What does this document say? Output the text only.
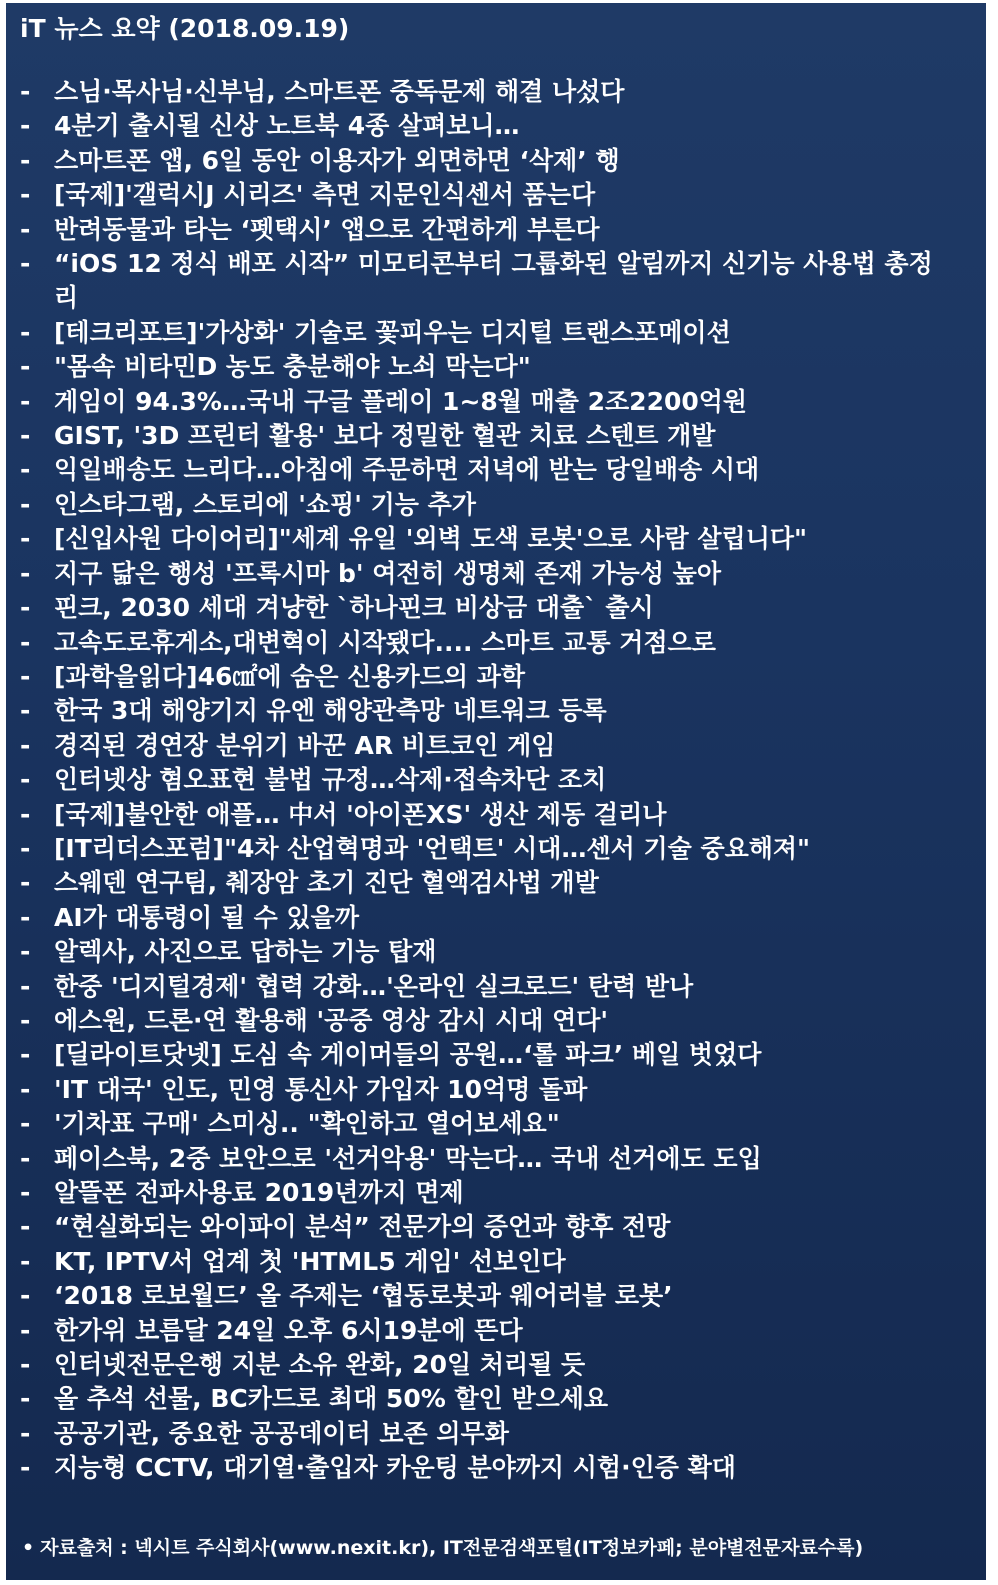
iT 뉴스 요약 (2018.09.19)
- 스님·목사님·신부님, 스마트폰 중독문제 해결 나섰다
- 4분기 출시될 신상 노트북 4종 살펴보니…
- 스마트폰 앱, 6일 동안 이용자가 외면하면 ‘삭제’ 행
- [국제]'갤럭시J 시리즈' 측면 지문인식센서 품는다
- 반려동물과 타는 ‘펫택시’ 앱으로 간편하게 부른다
- “iOS 12 정식 배포 시작” 미모티콘부터 그룹화된 알림까지 신기능 사용법 총정리
- [테크리포트]'가상화' 기술로 꽃피우는 디지털 트랜스포메이션
- "몸속 비타민D 농도 충분해야 노쇠 막는다"
- 게임이 94.3%…국내 구글 플레이 1~8월 매출 2조2200억원
- GIST, '3D 프린터 활용' 보다 정밀한 혈관 치료 스텐트 개발
- 익일배송도 느리다…아침에 주문하면 저녁에 받는 당일배송 시대
- 인스타그램, 스토리에 '쇼핑' 기능 추가
- [신입사원 다이어리]"세계 유일 '외벽 도색 로봇'으로 사람 살립니다"
- 지구 닮은 행성 '프록시마 b' 여전히 생명체 존재 가능성 높아
- 핀크, 2030 세대 겨냥한 `하나핀크 비상금 대출` 출시
- 고속도로휴게소,대변혁이 시작됐다.... 스마트 교통 거점으로
- [과학을읽다]46㎠에 숨은 신용카드의 과학
- 한국 3대 해양기지 유엔 해양관측망 네트워크 등록
- 경직된 경연장 분위기 바꾼 AR 비트코인 게임
- 인터넷상 혐오표현 불법 규정…삭제·접속차단 조치
- [국제]불안한 애플… 中서 '아이폰XS' 생산 제동 걸리나
- [IT리더스포럼]"4차 산업혁명과 '언택트' 시대…센서 기술 중요해져"
- 스웨덴 연구팀, 췌장암 초기 진단 혈액검사법 개발
- AI가 대통령이 될 수 있을까
- 알렉사, 사진으로 답하는 기능 탑재
- 한중 '디지털경제' 협력 강화…'온라인 실크로드' 탄력 받나
- 에스원, 드론·연 활용해 '공중 영상 감시 시대 연다'
- [딜라이트닷넷] 도심 속 게이머들의 공원…‘롤 파크’ 베일 벗었다
- 'IT 대국' 인도, 민영 통신사 가입자 10억명 돌파
- '기차표 구매' 스미싱.. "확인하고 열어보세요"
- 페이스북, 2중 보안으로 '선거악용' 막는다… 국내 선거에도 도입
- 알뜰폰 전파사용료 2019년까지 면제
- “현실화되는 와이파이 분석” 전문가의 증언과 향후 전망
- KT, IPTV서 업계 첫 'HTML5 게임' 선보인다
- ‘2018 로보월드’ 올 주제는 ‘협동로봇과 웨어러블 로봇’
- 한가위 보름달 24일 오후 6시19분에 뜬다
- 인터넷전문은행 지분 소유 완화, 20일 처리될 듯
- 올 추석 선물, BC카드로 최대 50% 할인 받으세요
- 공공기관, 중요한 공공데이터 보존 의무화
- 지능형 CCTV, 대기열·출입자 카운팅 분야까지 시험·인증 확대
• 자료출처 : 넥시트 주식회사(www.nexit.kr), IT전문검색포털(IT정보카페; 분야별전문자료수록)
